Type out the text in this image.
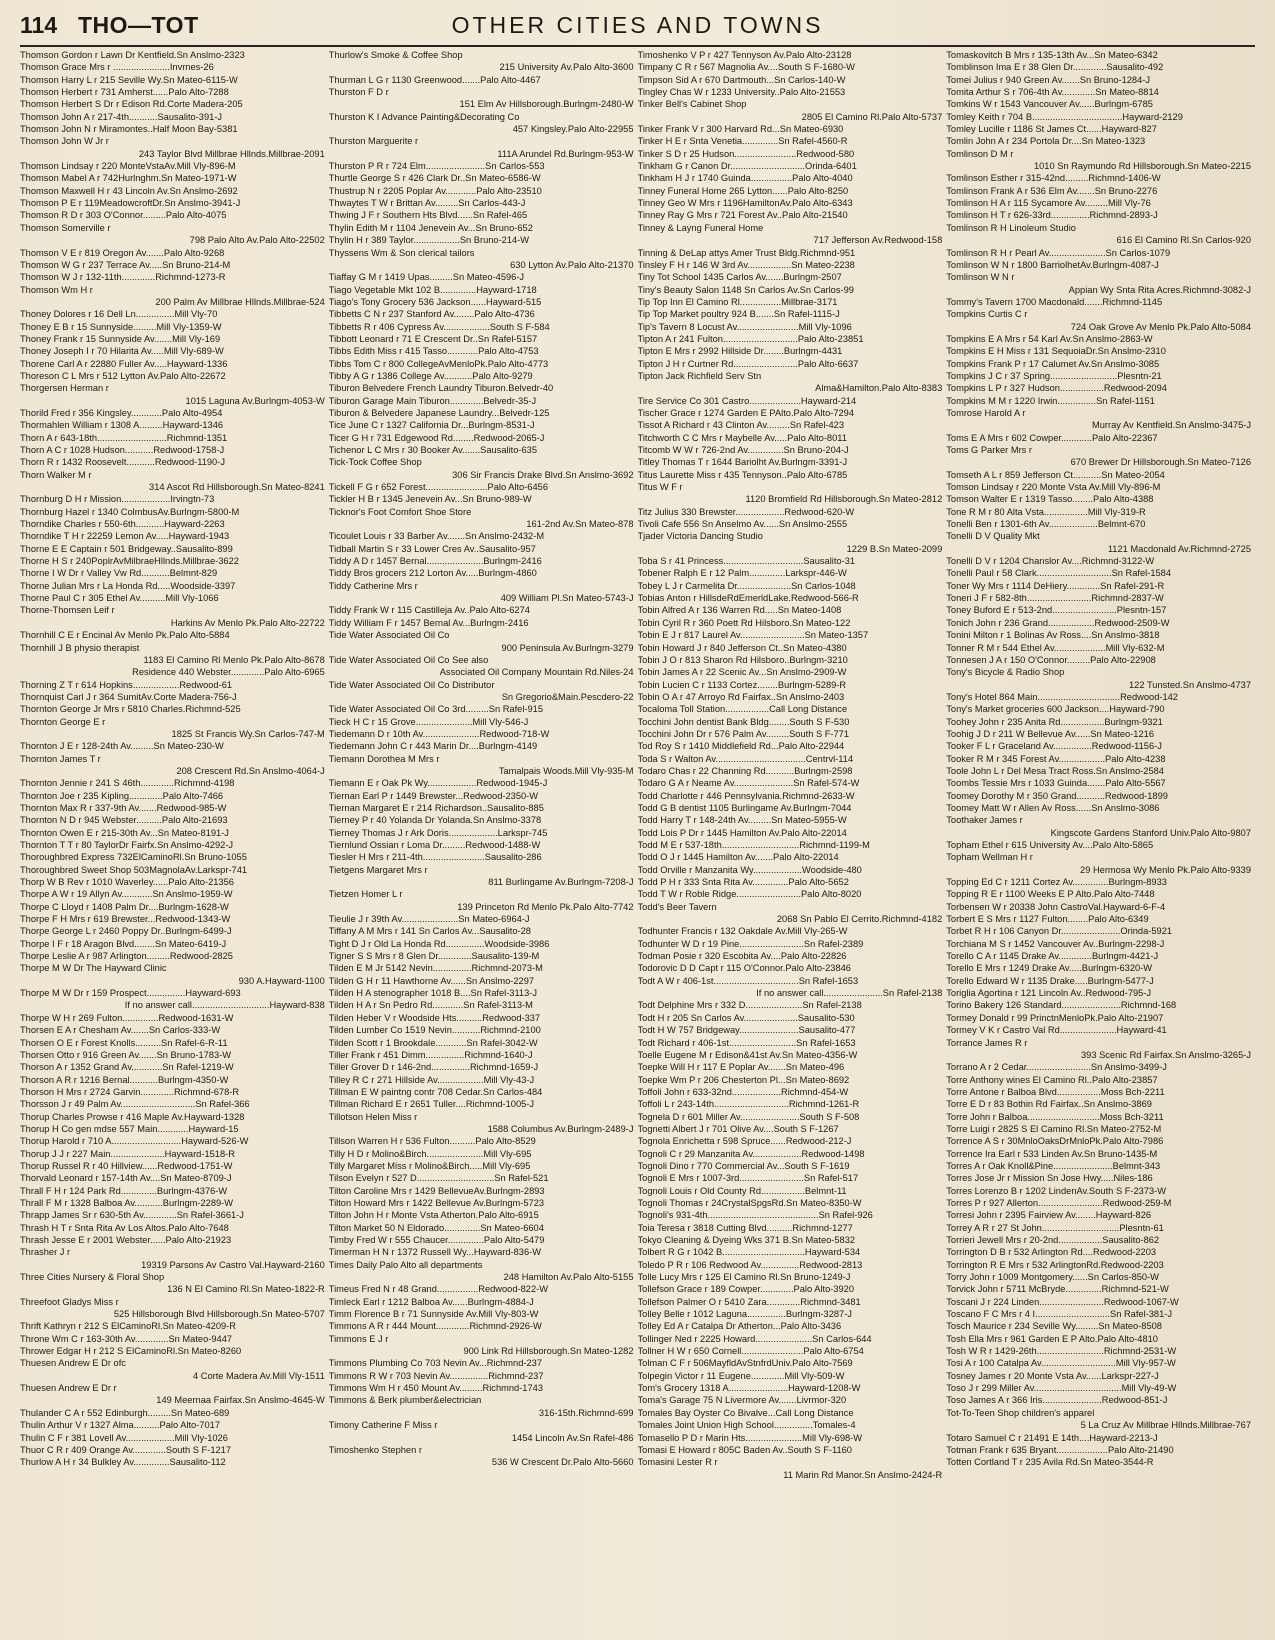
114 THO—TOT	OTHER CITIES AND TOWNS
Thomson Gordon r Lawn Dr Kentfield.Sn Anslmo-2323
Thomson Grace Mrs r ......................Invrnes-26
Thomson Harry L r 215 Seville Wy.Sn Mateo-6115-W
Thomson Herbert r 731 Amherst......Palo Alto-7288
Thomson Herbert S Dr r Edison Rd.Corte Madera-205
Thomson John A r 217-4th...........Sausalito-391-J
Thomson John N r Miramontes..Half Moon Bay-5381
Thomson John W Jr r
243 Taylor Blvd Millbrae Hllnds.Millbrae-2091
Thomson Lindsay r 220 MonteVstaAv.Mill Vly-896-M
Thomson Mabel A r 742Hurlnghm.Sn Mateo-1971-W
Thomson Maxwell H r 43 Lincoln Av.Sn Anslmo-2692
Thomson P E r 119MeadowcroftDr.Sn Anslmo-3941-J
Thomson R D r 303 O'Connor.........Palo Alto-4075
Thomson Somerville r
798 Palo Alto Av.Palo Alto-22502
Thomson V E r 819 Oregon Av.......Palo Alto-9268
Thomson W G r 237 Terrace Av.....Sn Bruno-214-M
Thomson W J r 132-11th.............Richmnd-1273-R
Thomson Wm H r
200 Palm Av Millbrae Hllnds.Millbrae-524
Thoney Dolores r 16 Dell Ln...............Mill Vly-70
Thoney E B r 15 Sunnyside.........Mill Vly-1359-W
Thoney Frank r 15 Sunnyside Av.......Mill Vly-169
Thoney Joseph I r 70 Hilarita Av.....Mill Vly-689-W
Thorene Carl A r 22880 Fuller Av.....Hayward-1336
Thoreson C L Mrs r 512 Lytton Av.Palo Alto-22672
Thorgersen Herman r
1015 Laguna Av.Burlngm-4053-W
Thorild Fred r 356 Kingsley............Palo Alto-4954
Thormahlen William r 1308 A.........Hayward-1346
Thorn A r 643-18th...........................Richmnd-1351
Thorn A C r 1028 Hudson...........Redwood-1758-J
Thorn R r 1432 Roosevelt...........Redwood-1190-J
Thorn Walker M r
314 Ascot Rd Hillsborough.Sn Mateo-8241
Thornburg D H r Mission...................Irvingtn-73
Thornburg Hazel r 1340 ColmbusAv.Burlngm-5800-M
Thorndike Charles r 550-6th...........Hayward-2263
Thorndike T H r 22259 Lemon Av.....Hayward-1943
Thorne E E Captain r 501 Bridgeway..Sausalito-899
Thorne H S r 240PoplrAvMilbraeHllnds.Millbrae-3622
Thorne I W Dr r Valley Vw Rd...........Belmnt-829
Thorne Julian Mrs r La Honda Rd.....Woodside-3397
Thorne Paul C r 305 Ethel Av..........Mill Vly-1066
Thorne-Thomsen Leif r
Harkins Av Menlo Pk.Palo Alto-22722
Thornhill C E r Encinal Av Menlo Pk.Palo Alto-5884
Thornhill J B physio therapist
1183 El Camino Rl Menlo Pk.Palo Alto-8678
Residence 440 Webster.............Palo Alto-6965
Thorning Z T r 614 Hopkins..................Redwood-61
Thornquist Carl J r 364 SumitAv.Corte Madera-756-J
Thornton George Jr Mrs r 5810 Charles.Richmnd-525
Thornton George E r
1825 St Francis Wy.Sn Carlos-747-M
Thornton J E r 128-24th Av.........Sn Mateo-230-W
Thornton James T r
208 Crescent Rd.Sn Anslmo-4064-J
Thornton Jennie r 241 S 46th.............Richmnd-4198
Thornton Joe r 235 Kipling.............Palo Alto-7466
Thornton Max R r 337-9th Av.......Redwood-985-W
Thornton N D r 945 Webster..........Palo Alto-21693
Thornton Owen E r 215-30th Av...Sn Mateo-8191-J
Thornton T T r 80 TaylorDr Fairfx.Sn Anslmo-4292-J
Thoroughbred Express 732ElCaminoRl.Sn Bruno-1055
Thoroughbred Sweet Shop 503MagnolaAv.Larkspr-741
Thorp W B Rev r 1010 Waverley......Palo Alto-21356
Thorpe A W r 19 Allyn Av............Sn Anslmo-1959-W
Thorpe C Lloyd r 1408 Palm Dr....Burlngm-1628-W
Thorpe F H Mrs r 619 Brewster...Redwood-1343-W
Thorpe George L r 2460 Poppy Dr..Burlngm-6499-J
Thorpe I F r 18 Aragon Blvd........Sn Mateo-6419-J
Thorpe Leslie A r 987 Arlington.........Redwood-2825
Thorpe M W Dr The Hayward Clinic
930 A.Hayward-1100
Thorpe M W Dr r 159 Prospect...............Hayward-693
If no answer call..............................Hayward-838
Thorpe W H r 269 Fulton..............Redwood-1631-W
Thorsen E A r Chesham Av.......Sn Carlos-333-W
Thorsen O E r Forest Knolls..........Sn Rafel-6-R-11
Thorsen Otto r 916 Green Av.......Sn Bruno-1783-W
Thorson A r 1352 Grand Av............Sn Rafel-1219-W
Thorson A R r 1216 Bernal...........Burlngm-4350-W
Thorson H Mrs r 2724 Garvin.............Richmnd-678-R
Thorsson J r 49 Palm Av.............................Sn Rafel-366
Thorup Charles Prowse r 416 Maple Av.Hayward-1328
Thorup H Co gen mdse 557 Main............Hayward-15
Thorup Harold r 710 A...........................Hayward-526-W
Thorup J J r 227 Main.....................Hayward-1518-R
Thorup Russel R r 40 Hillview......Redwood-1751-W
Thorvald Leonard r 157-14th Av....Sn Mateo-8709-J
Thrall F H r 124 Park Rd..............Burlngm-4376-W
Thrall F M r 1328 Balboa Av...........Burlngm-2289-W
Thrapp James Sr r 630-5th Av.............Sn Rafel-3661-J
Thrash H T r Snta Rita Av Los Altos.Palo Alto-7648
Thrash Jesse E r 2001 Webster......Palo Alto-21923
Thrasher J r
19319 Parsons Av Castro Val.Hayward-2160
Three Cities Nursery & Floral Shop
136 N El Camino Rl.Sn Mateo-1822-R
Threefoot Gladys Miss r
525 Hillsborough Blvd Hillsborough.Sn Mateo-5707
Thrift Kathryn r 212 S ElCaminoRl.Sn Mateo-4209-R
Throne Wm C r 163-30th Av.............Sn Mateo-9447
Thrower Edgar H r 212 S ElCaminoRl.Sn Mateo-8260
Thuesen Andrew E Dr ofc
4 Corte Madera Av.Mill Vly-1511
Thuesen Andrew E Dr r
149 Meernaa Fairfax.Sn Anslmo-4645-W
Thulander C A r 552 Edinburgh.........Sn Mateo-689
Thulin Arthur V r 1327 Alma..........Palo Alto-7017
Thulin C F r 381 Lovell Av...................Mill Vly-1026
Thuor C R r 409 Orange Av.............South S F-1217
Thurlow A H r 34 Bulkley Av..............Sausalito-112
Thurlow's Smoke & Coffee Shop
215 University Av.Palo Alto-3600
Thurman L G r 1130 Greenwood.......Palo Alto-4467
Thurston F D r
151 Elm Av Hillsborough.Burlngm-2480-W
Thurston K I Advance Painting&Decorating Co
457 Kingsley.Palo Alto-22955
Thurston Marguerite r
111A Arundel Rd.Burlngm-953-W
Thurston P R r 724 Elm.......................Sn Carlos-553
Thurtle George S r 426 Clark Dr..Sn Mateo-6586-W
Thustrup N r 2205 Poplar Av............Palo Alto-23510
Thwaytes T W r Brittan Av.........Sn Carlos-443-J
Thwing J F r Southern Hts Blvd......Sn Rafel-465
Thylin Edith M r 1104 Jenevein Av...Sn Bruno-652
Thylin H r 389 Taylor..................Sn Bruno-214-W
Thyssens Wm & Son clerical tailors
630 Lytton Av.Palo Alto-21370
Tiaffay G M r 1419 Upas.........Sn Mateo-4596-J
Tiago Vegetable Mkt 102 B..............Hayward-1718
Tiago's Tony Grocery 536 Jackson......Hayward-515
Tibbetts C N r 237 Stanford Av........Palo Alto-4736
Tibbetts R r 406 Cypress Av..................South S F-584
Tibbott Leonard r 71 E Crescent Dr..Sn Rafel-5157
Tibbs Edith Miss r 415 Tasso............Palo Alto-4753
Tibbs Tom C r 800 CollegeAvMenloPk.Palo Alto-4773
Tibby A G r 1386 College Av...........Palo Alto-9279
Tiburon Belvedere French Laundry Tiburon.Belvedr-40
Tiburon Garage Main Tiburon.............Belvedr-35-J
Tiburon & Belvedere Japanese Laundry...Belvedr-125
Tice June C r 1327 California Dr...Burlngm-8531-J
Ticer G H r 731 Edgewood Rd........Redwood-2065-J
Tichenor L C Mrs r 30 Booker Av.......Sausalito-635
Tick-Tock Coffee Shop
306 Sir Francis Drake Blvd.Sn Anslmo-3692
Tickell F G r 652 Forest........................Palo Alto-6456
Tickler H B r 1345 Jenevein Av...Sn Bruno-989-W
Ticknor's Foot Comfort Shoe Store
161-2nd Av.Sn Mateo-878
Ticoulet Louis r 33 Barber Av.......Sn Anslmo-2432-M
Tidball Martin S r 33 Lower Cres Av..Sausalito-957
Tiddy A D r 1457 Bernal......................Burlngm-2416
Tiddy Bros grocers 212 Lorton Av.....Burlngm-4860
Tiddy Catherine Mrs r
409 William Pl.Sn Mateo-5743-J
Tiddy Frank W r 115 Castilleja Av..Palo Alto-6274
Tiddy William F r 1457 Bernal Av...Burlngm-2416
Tide Water Associated Oil Co
900 Peninsula Av.Burlngm-3279
Tide Water Associated Oil Co See also
Associated Oil Company Mountain Rd.Niles-24
Tide Water Associated Oil Co Distributor
Sn Gregorio&Main.Pescdero-22
Tide Water Associated Oil Co 3rd.........Sn Rafel-915
Tieck H C r 15 Grove......................Mill Vly-546-J
Tiedemann D r 10th Av......................Redwood-718-W
Tiedemann John C r 443 Marin Dr....Burlngm-4149
Tiemann Dorothea M Mrs r
Tamalpais Woods.Mill Vly-935-M
Tiemann E r Oak Pk Wy...................Redwood-1945-J
Tiernan Earl P r 1449 Brewster...Redwood-2350-W
Tiernan Margaret E r 214 Richardson..Sausalito-885
Tierney P r 40 Yolanda Dr Yolanda.Sn Anslmo-3378
Tierney Thomas J r Ark Doris...................Larkspr-745
Tiernlund Ossian r Loma Dr.........Redwood-1488-W
Tiesler H Mrs r 211-4th........................Sausalito-286
Tietgens Margaret Mrs r
811 Burlingame Av.Burlngm-7208-J
Tietzen Homer L r
139 Princeton Rd Menlo Pk.Palo Alto-7742
Tieulie J r 39th Av......................Sn Mateo-6964-J
Tiffany A M Mrs r 141 Sn Carlos Av...Sausalito-28
Tight D J r Old La Honda Rd...............Woodside-3986
Tigner S S Mrs r 8 Glen Dr.............Sausalito-139-M
Tilden E M Jr 5142 Nevin...............Richmnd-2073-M
Tilden G H r 11 Hawthorne Av......Sn Anslmo-2297
Tilden H A stenographer 1018 B....Sn Rafel-3113-J
Tilden H A r Sn Pedro Rd............Sn Rafel-3113-M
Tilden Heber V r Woodside Hts..........Redwood-337
Tilden Lumber Co 1519 Nevin...........Richmnd-2100
Tilden Scott r 1 Brookdale............Sn Rafel-3042-W
Tiller Frank r 451 Dimm...............Richmnd-1640-J
Tiller Grover D r 146-2nd...............Richmnd-1659-J
Tilley R C r 271 Hillside Av..................Mill Vly-43-J
Tillman E W paintng contr 708 Cedar.Sn Carlos-484
Tillman Richard E r 2651 Tuller....Richmnd-1005-J
Tillotson Helen Miss r
1588 Columbus Av.Burlngm-2489-J
Tillson Warren H r 536 Fulton..........Palo Alto-8529
Tilly H D r Molino&Birch......................Mill Vly-695
Tilly Margaret Miss r Molino&Birch.....Mill Vly-695
Tilson Evelyn r 527 D..............................Sn Rafel-521
Tilton Caroline Mrs r 1429 BellevueAv.Burlngm-2893
Tilton Howard Mrs r 1422 Bellevue Av.Burlngm-5723
Tilton John H r Monte Vsta Atherton.Palo Alto-6915
Tilton Market 50 N Eldorado..............Sn Mateo-6604
Timby Fred W r 555 Chaucer..............Palo Alto-5479
Timerman H N r 1372 Russell Wy...Hayward-836-W
Times Daily Palo Alto all departments
248 Hamilton Av.Palo Alto-5155
Timeus Fred N r 48 Grand................Redwood-822-W
Timleck Earl r 1212 Balboa Av......Burlngm-4884-J
Timm Florence B r 71 Sunnyside Av.Mill Vly-803-W
Timmons A R r 444 Mount.............Richmnd-2926-W
Timmons E J r
900 Link Rd Hillsborough.Sn Mateo-1282
Timmons Plumbing Co 703 Nevin Av...Richmnd-237
Timmons R W r 703 Nevin Av...............Richmnd-237
Timmons Wm H r 450 Mount Av.........Richmnd-1743
Timmons & Berk plumber&electrician
316-15th.Richmnd-699
Timony Catherine F Miss r
1454 Lincoln Av.Sn Rafel-486
Timoshenko Stephen r
536 W Crescent Dr.Palo Alto-5660
Timoshenko V P r 427 Tennyson Av.Palo Alto-23128
Timpany C R r 567 Magnolia Av....South S F-1680-W
Timpson Sid A r 670 Dartmouth...Sn Carlos-140-W
Tingley Chas W r 1233 University..Palo Alto-21553
Tinker Bell's Cabinet Shop
2805 El Camino Rl.Palo Alto-5737
Tinker Frank V r 300 Harvard Rd...Sn Mateo-6930
Tinker H E r Snta Venetia..............Sn Rafel-4560-R
Tinker S D r 25 Hudson........................Redwood-580
Tinkham G r Canon Dr.............................Orinda-6401
Tinkham H J r 1740 Guinda................Palo Alto-4040
Tinney Funeral Home 265 Lytton......Palo Alto-8250
Tinney Geo W Mrs r 1196HamiltonAv.Palo Alto-6343
Tinney Ray G Mrs r 721 Forest Av..Palo Alto-21540
Tinney & Layng Funeral Home
717 Jefferson Av.Redwood-158
Tinning & DeLap attys Amer Trust Bldg.Richmnd-951
Tinsley F H r 146 W 3rd Av.................Sn Mateo-2238
Tiny Tot School 1435 Carlos Av.......Burlngm-2507
Tiny's Beauty Salon 1148 Sn Carlos Av.Sn Carlos-99
Tip Top Inn El Camino Rl................Millbrae-3171
Tip Top Market poultry 924 B.......Sn Rafel-1115-J
Tip's Tavern 8 Locust Av........................Mill Vly-1096
Tipton A r 241 Fulton.............................Palo Alto-23851
Tipton E Mrs r 2992 Hillside Dr........Burlngm-4431
Tipton J H r Curtner Rd.........................Palo Alto-6637
Tipton Jack Richfield Serv Stn
Alma&Hamilton.Palo Alto-8383
Tire Service Co 301 Castro....................Hayward-214
Tischer Grace r 1274 Garden E PAlto.Palo Alto-7294
Tissot A Richard r 43 Clinton Av.........Sn Rafel-423
Titchworth C C Mrs r Maybelle Av.....Palo Alto-8011
Titcomb W W r 726-2nd Av..............Sn Bruno-204-J
Titley Thomas T r 1644 Bariolht Av.Burlngm-3391-J
Titus Laurette Miss r 435 Tennyson..Palo Alto-6785
Titus W F r
1120 Bromfield Rd Hillsborough.Sn Mateo-2812
Titz Julius 330 Brewster...................Redwood-620-W
Tivoli Cafe 556 Sn Anselmo Av......Sn Anslmo-2555
Tjader Victoria Dancing Studio
1229 B.Sn Mateo-2099
Toba S r 41 Princess...............................Sausalito-31
Tobener Ralph E r 12 Palm..............Larkspr-446-W
Tobey L J r Carmelita Dr.....................Sn Carlos-1048
Tobias Anton r HillsdeRdEmerldLake.Redwood-566-R
Tobin Alfred A r 136 Warren Rd.....Sn Mateo-1408
Tobin Cyril R r 360 Poett Rd Hilsboro.Sn Mateo-122
Tobin E J r 817 Laurel Av.........................Sn Mateo-1357
Tobin Howard J r 840 Jefferson Ct..Sn Mateo-4380
Tobin J O r 813 Sharon Rd Hilsboro..Burlngm-3210
Tobin James A r 22 Scenic Av...Sn Anslmo-2909-W
Tobin Lucien C r 1133 Cortez........Burlngm-5289-R
Tobin O A r 47 Arroyo Rd Fairfax..Sn Anslmo-2403
Tocaloma Toll Station.................Call Long Distance
Tocchini John dentist Bank Bldg........South S F-530
Tocchini John Dr r 576 Palm Av.........South S F-771
Tod Roy S r 1410 Middlefield Rd...Palo Alto-22944
Toda S r Walton Av...................................Centrvl-114
Todaro Chas r 22 Channing Rd...........Burlngm-2598
Todaro G A r Neame Av.......................Sn Rafel-574-W
Todd Charlotte r 446 Pennsylvania.Richmnd-2633-W
Todd G B dentist 1105 Burlingame Av.Burlngm-7044
Todd Harry T r 148-24th Av.........Sn Mateo-5955-W
Todd Lois P Dr r 1445 Hamilton Av.Palo Alto-22014
Todd M E r 537-18th..............................Richmnd-1199-M
Todd O J r 1445 Hamilton Av.......Palo Alto-22014
Todd Orville r Manzanita Wy...................Woodside-480
Todd P H r 333 Snta Rita Av..............Palo Alto-5652
Todd T W r Roble Ridge.........................Palo Alto-8020
Todd's Beer Tavern
2068 Sn Pablo El Cerrito.Richmnd-4182
Todhunter Francis r 132 Oakdale Av.Mill Vly-265-W
Todhunter W D r 19 Pine.........................Sn Rafel-2389
Todman Posie r 320 Escobita Av....Palo Alto-22826
Todorovic D D Capt r 115 O'Connor.Palo Alto-23846
Todt A W r 406-1st.................................Sn Rafel-1653
If no answer call.......................Sn Rafel-2138
Todt Delphine Mrs r 332 D......................Sn Rafel-2138
Todt H r 205 Sn Carlos Av.....................Sausalito-530
Todt H W 757 Bridgeway.......................Sausalito-477
Todt Richard r 406-1st..........................Sn Rafel-1653
Toelle Eugene M r Edison&41st Av.Sn Mateo-4356-W
Toepke Will H r 117 E Poplar Av.......Sn Mateo-496
Toepke Wm P r 206 Chesterton Pl...Sn Mateo-8692
Toffoli John r 633-32nd...................Richmnd-454-W
Toffoli L r 243-14th.............................Richmnd-1261-R
Tognela D r 601 Miller Av.......................South S F-508
Tognetti Albert J r 701 Olive Av....South S F-1267
Tognola Enrichetta r 598 Spruce......Redwood-212-J
Tognoli C r 29 Manzanita Av...................Redwood-1498
Tognoli Dino r 770 Commercial Av...South S F-1619
Tognoli E Mrs r 1007-3rd.........................Sn Rafel-517
Tognoli Louis r Old County Rd.................Belmnt-11
Tognoli Thomas r 24CrystalSpgsRd.Sn Mateo-8350-W
Tognoli's 931-4th...........................................Sn Rafel-926
Toia Teresa r 3818 Cutting Blvd..........Richmnd-1277
Tokyo Cleaning & Dyeing Wks 371 B.Sn Mateo-5832
Tolbert R G r 1042 B................................Hayward-534
Toledo P R r 106 Redwood Av...............Redwood-2813
Tolle Lucy Mrs r 125 El Camino Rl.Sn Bruno-1249-J
Tollefson Grace r 189 Cowper.............Palo Alto-3920
Tollefson Palmer O r 5410 Zara.............Richmnd-3481
Tolley Belle r 1012 Laguna...............Burlngm-3287-J
Tolley Ed A r Catalpa Dr Atherton...Palo Alto-3436
Tollinger Ned r 2225 Howard......................Sn Carlos-644
Tollner H W r 650 Cornell........................Palo Alto-6754
Tolman C F r 506MayfldAvStnfrdUniv.Palo Alto-7569
Tolpegin Victor r 11 Eugene.............Mill Vly-509-W
Tom's Grocery 1318 A.......................Hayward-1208-W
Toma's Garage 75 N Livermore Av.......Livrmor-320
Tomales Bay Oyster Co Bivalve...Call Long Distance
Tomales Joint Union High School...............Tomales-4
Tomasello P D r Marin Hts......................Mill Vly-698-W
Tomasi E Howard r 805C Baden Av..South S F-1160
Tomasini Lester R r
11 Marin Rd Manor.Sn Anslmo-2424-R
Tomaskovitch B Mrs r 135-13th Av...Sn Mateo-6342
Tomblinson Ima E r 38 Glen Dr.............Sausalito-492
Tomei Julius r 940 Green Av.......Sn Bruno-1284-J
Tomita Arthur S r 706-4th Av.............Sn Mateo-8814
Tomkins W r 1543 Vancouver Av......Burlngm-6785
Tomley Keith r 704 B...................................Hayward-2129
Tomley Lucille r 1186 St James Ct......Hayward-827
Tomlin John A r 234 Portola Dr....Sn Mateo-1323
Tomlinson D M r
1010 Sn Raymundo Rd Hillsborough.Sn Mateo-2215
Tomlinson Esther r 315-42nd.........Richmnd-1406-W
Tomlinson Frank A r 536 Elm Av.......Sn Bruno-2276
Tomlinson H A r 115 Sycamore Av.........Mill Vly-76
Tomlinson H T r 626-33rd...............Richmnd-2893-J
Tomlinson R H Linoleum Studio
616 El Camino Rl.Sn Carlos-920
Tomlinson R H r Pearl Av......................Sn Carlos-1079
Tomlinson W N r 1800 BarriolhetAv.Burlngm-4087-J
Tomlinson W N r
Appian Wy Snta Rita Acres.Richmnd-3082-J
Tommy's Tavern 1700 Macdonald.......Richmnd-1145
Tompkins Curtis C r
724 Oak Grove Av Menlo Pk.Palo Alto-5084
Tompkins E A Mrs r 54 Karl Av.Sn Anslmo-2863-W
Tompkins E H Miss r 131 SequoiaDr.Sn Anslmo-2310
Tompkins Frank P r 17 Calumet Av.Sn Anslmo-3085
Tompkins J C r 37 Spring..........................Plesntn-21
Tompkins L P r 327 Hudson.................Redwood-2094
Tompkins M M r 1220 Irwin...............Sn Rafel-1151
Tomrose Harold A r
Murray Av Kentfield.Sn Anslmo-3475-J
Toms E A Mrs r 602 Cowper............Palo Alto-22367
Toms G Parker Mrs r
670 Brewer Dr Hillsborough.Sn Mateo-7126
Tomseth A L r 859 Jefferson Ct...........Sn Mateo-2054
Tomson Lindsay r 220 Monte Vsta Av.Mill Vly-896-M
Tomson Walter E r 1319 Tasso........Palo Alto-4388
Tone R M r 80 Alta Vsta.................Mill Vly-319-R
Tonelli Ben r 1301-6th Av...................Belmnt-670
Tonelli D V Quality Mkt
1121 Macdonald Av.Richmnd-2725
Tonelli D V r 1204 Chanslor Av....Richmnd-3122-W
Tonelli Paul r 58 Clark.............................Sn Rafel-1584
Toner Wy Mrs r 1114 DeHiery.............Sn Rafel-291-R
Toneri J F r 582-8th.........................Richmnd-2837-W
Toney Buford E r 513-2nd.........................Plesntn-157
Tonich John r 236 Grand..................Redwood-2509-W
Tonini Milton r 1 Bolinas Av Ross....Sn Anslmo-3818
Tonner R M r 544 Ethel Av....................Mill Vly-632-M
Tonnesen J A r 150 O'Connor.........Palo Alto-22908
Tony's Bicycle & Radio Shop
122 Tunsted.Sn Anslmo-4737
Tony's Hotel 864 Main................................Redwood-142
Tony's Market groceries 600 Jackson....Hayward-790
Toohey John r 235 Anita Rd.................Burlngm-9321
Toohig J D r 211 W Bellevue Av......Sn Mateo-1216
Tooker F L r Graceland Av...............Redwood-1156-J
Tooker R M r 345 Forest Av..................Palo Alto-4238
Toole John L r Del Mesa Tract Ross.Sn Anslmo-2584
Toombs Tessie Mrs r 1033 Guinda.......Palo Alto-5567
Toomey Dorothy M r 350 Grand...........Redwood-1899
Toomey Matt W r Allen Av Ross......Sn Anslmo-3086
Toothaker James r
Kingscote Gardens Stanford Univ.Palo Alto-9807
Topham Ethel r 615 University Av....Palo Alto-5865
Topham Wellman H r
29 Hermosa Wy Menlo Pk.Palo Alto-9339
Topping Ed C r 1211 Cortez Av..............Burlngm-8933
Topping R E r 1100 Weeks E P Alto.Palo Alto-7448
Torbensen W r 20338 John CastroVal.Hayward-6-F-4
Torbert E S Mrs r 1127 Fulton........Palo Alto-6349
Torbet R H r 106 Canyon Dr.......................Orinda-5921
Torchiana M S r 1452 Vancouver Av..Burlngm-2298-J
Torello C A r 1145 Drake Av.............Burlngm-4421-J
Torello E Mrs r 1249 Drake Av.....Burlngm-6320-W
Torello Edward W r 1135 Drake.....Burlngm-5477-J
Toriglia Agortina r 121 Lincoln Av..Redwood-795-J
Torino Bakery 126 Standard.......................Richmnd-168
Tormey Donald r 99 PrinctnMenloPk.Palo Alto-21907
Tormey V K r Castro Val Rd......................Hayward-41
Torrance James R r
393 Scenic Rd Fairfax.Sn Anslmo-3265-J
Torrano A r 2 Cedar.........................Sn Anslmo-3499-J
Torre Anthony wines El Camino Rl..Palo Alto-23857
Torre Antone r Balboa Blvd.................Moss Bch-2211
Torre E D r 83 Bothin Rd Fairfax..Sn Anslmo-3869
Torre John r Balboa............................Moss Bch-3211
Torre Luigi r 2825 S El Camino Rl.Sn Mateo-2752-M
Torrence A S r 30MnloOaksDrMnloPk.Palo Alto-7986
Torrence Ira Earl r 533 Linden Av.Sn Bruno-1435-M
Torres A r Oak Knoll&Pine.......................Belmnt-343
Torres Jose Jr r Mission Sn Jose Hwy.....Niles-186
Torres Lorenzo B r 1202 LindenAv.South S F-2373-W
Torres P r 927 Allerton.........................Redwood-259-M
Torresi John r 2395 Fairview Av........Hayward-826
Torrey A R r 27 St John..............................Plesntn-61
Torrieri Jewell Mrs r 20-2nd.................Sausalito-862
Torrington D B r 532 Arlington Rd....Redwood-2203
Torrington R E Mrs r 532 ArlingtonRd.Redwood-2203
Torry John r 1009 Montgomery......Sn Carlos-850-W
Torvick John r 5711 McBryde..............Richmnd-521-W
Toscani J r 224 Linden.........................Redwood-1067-W
Toscano F C Mrs r 4 I.............................Sn Rafel-381-J
Tosch Maurice r 234 Seville Wy.........Sn Mateo-8508
Tosh Ella Mrs r 961 Garden E P Alto.Palo Alto-4810
Tosh W R r 1429-26th..........................Richmnd-2531-W
Tosi A r 100 Catalpa Av.............................Mill Vly-957-W
Tosney James r 20 Monte Vsta Av......Larkspr-227-J
Toso J r 299 Miller Av..................................Mill Vly-49-W
Toso James A r 366 Iris.......................Redwood-851-J
Tot-To-Teen Shop children's apparel
5 La Cruz Av Millbrae Hllnds.Millbrae-767
Totaro Samuel C r 21491 E 14th....Hayward-2213-J
Totman Frank r 635 Bryant....................Palo Alto-21490
Totten Cortland T r 235 Avila Rd.Sn Mateo-3544-R
